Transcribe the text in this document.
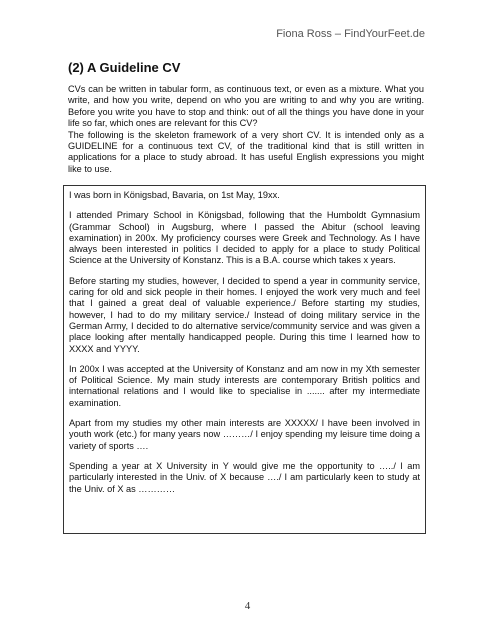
Fiona Ross – FindYourFeet.de
(2) A Guideline CV

CVs can be written in tabular form, as continuous text, or even as a mixture. What you write, and how you write, depend on who you are writing to and why you are writing. Before you write you have to stop and think: out of all the things you have done in your life so far, which ones are relevant for this CV?

The following is the skeleton framework of a very short CV. It is intended only as a GUIDELINE for a continuous text CV, of the traditional kind that is still written in applications for a place to study abroad. It has useful English expressions you might like to use.

I was born in Königsbad, Bavaria, on 1st May, 19xx.

I attended Primary School in Königsbad, following that the Humboldt Gymnasium (Grammar School) in Augsburg, where I passed the Abitur (school leaving examination) in 200x. My proficiency courses were Greek and Technology. As I have always been interested in politics I decided to apply for a place to study Political Science at the University of Konstanz. This is a B.A. course which takes x years.

Before starting my studies, however, I decided to spend a year in community service, caring for old and sick people in their homes. I enjoyed the work very much and feel that I gained a great deal of valuable experience./ Before starting my studies, however, I had to do my military service./ Instead of doing military service in the German Army, I decided to do alternative service/community service and was given a place looking after mentally handicapped people. During this time I learned how to XXXX and YYYY.

In 200x I was accepted at the University of Konstanz and am now in my Xth semester of Political Science. My main study interests are contemporary British politics and international relations and I would like to specialise in ....... after my intermediate examination.

Apart from my studies my other main interests are XXXXX/ I have been involved in youth work (etc.) for many years now ………/ I enjoy spending my leisure time doing a variety of sports ….

Spending a year at X University in Y would give me the opportunity to …../ I am particularly interested in the Univ. of X because …./ I am particularly keen to study at the Univ. of X as …………

4
